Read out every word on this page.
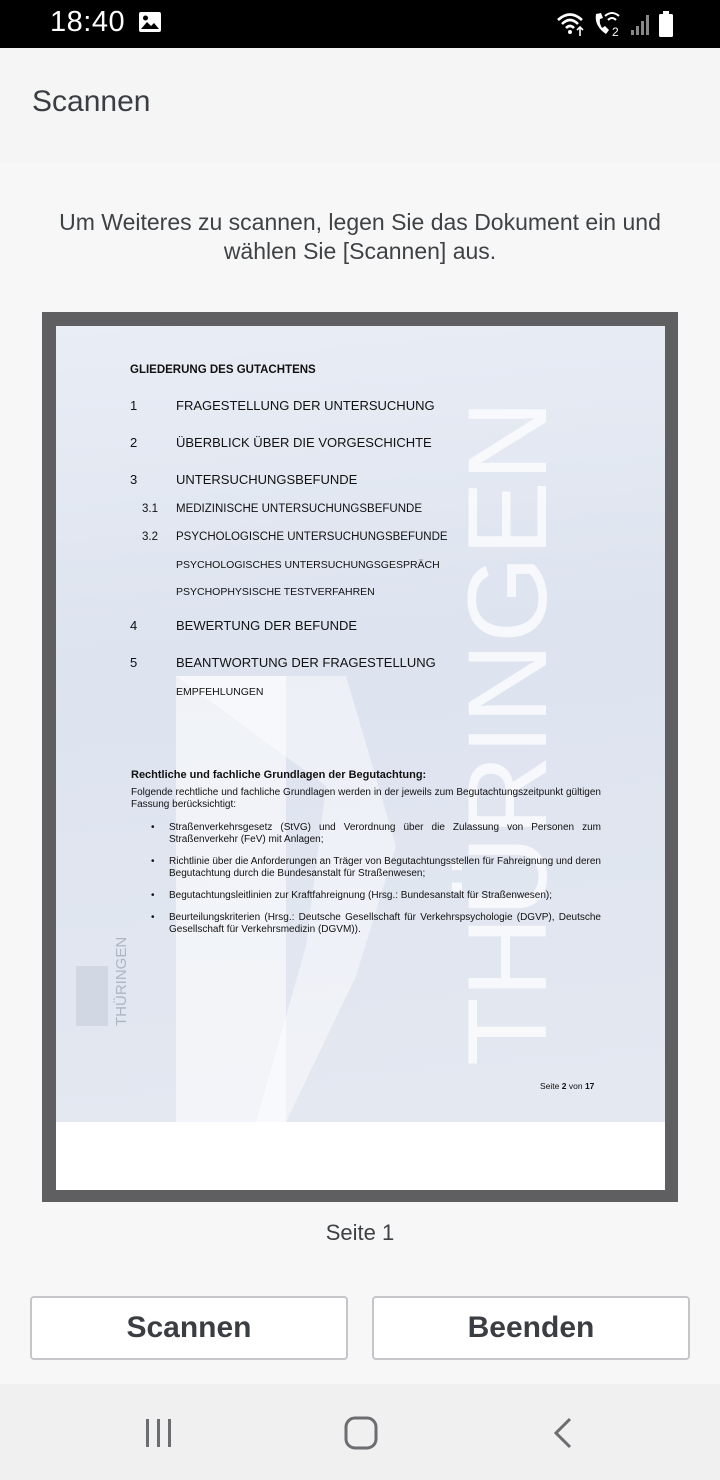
18:40	2
Scannen
Um Weiteres zu scannen, legen Sie das Dokument ein und wählen Sie [Scannen] aus.
THÜRINGEN
THÜRINGEN
GLIEDERUNG DES GUTACHTENS
1	FRAGESTELLUNG DER UNTERSUCHUNG
2	ÜBERBLICK ÜBER DIE VORGESCHICHTE
3	UNTERSUCHUNGSBEFUNDE
3.1 MEDIZINISCHE UNTERSUCHUNGSBEFUNDE
3.2 PSYCHOLOGISCHE UNTERSUCHUNGSBEFUNDE
PSYCHOLOGISCHES UNTERSUCHUNGSGESPRÄCH
PSYCHOPHYSISCHE TESTVERFAHREN
4	BEWERTUNG DER BEFUNDE
5	BEANTWORTUNG DER FRAGESTELLUNG
EMPFEHLUNGEN
Rechtliche und fachliche Grundlagen der Begutachtung:
Folgende rechtliche und fachliche Grundlagen werden in der jeweils zum Begutachtungszeitpunkt gültigen Fassung berücksichtigt:
• Straßenverkehrsgesetz (StVG) und Verordnung über die Zulassung von Personen zum Straßenverkehr (FeV) mit Anlagen;
• Richtlinie über die Anforderungen an Träger von Begutachtungsstellen für Fahreignung und deren Begutachtung durch die Bundesanstalt für Straßenwesen;
• Begutachtungsleitlinien zur Kraftfahreignung (Hrsg.: Bundesanstalt für Straßenwesen);
• Beurteilungskriterien (Hrsg.: Deutsche Gesellschaft für Verkehrspsychologie (DGVP), Deutsche Gesellschaft für Verkehrsmedizin (DGVM)).
Seite 2 von 17
Seite 1
Scannen	Beenden
